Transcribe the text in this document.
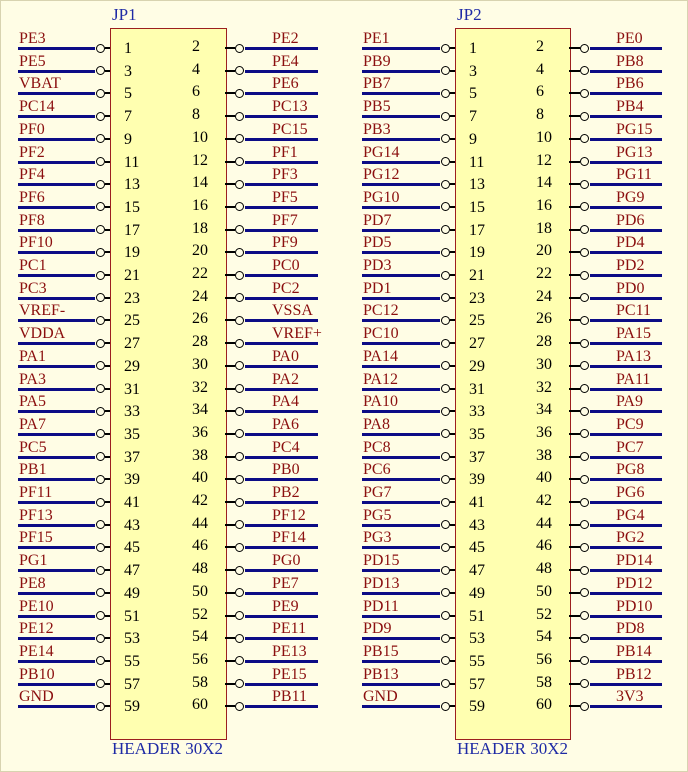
JP1
HEADER 30X2
PE3
1	2	PE2
PE5
3	4	PE4
VBAT
5	6	PE6
PC14
7	8	PC13
PF0
9	10	PC15
PF2
11	12	PF1
PF4
13	14	PF3
PF6
15	16	PF5
PF8
17	18	PF7
PF10
19	20	PF9
PC1
21	22	PC0
PC3
23	24	PC2
VREF-
25	26	VSSA
VDDA
27	28	VREF+
PA1
29	30	PA0
PA3
31	32	PA2
PA5
33	34	PA4
PA7
35	36	PA6
PC5
37	38	PC4
PB1
39	40	PB0
PF11
41	42	PB2
PF13
43	44	PF12
PF15
45	46	PF14
PG1
47	48	PG0
PE8
49	50	PE7
PE10
51	52	PE9
PE12
53	54	PE11
PE14
55	56	PE13
PB10
57	58	PE15
GND
59	60	PB11
JP2
HEADER 30X2
PE1
1	2	PE0
PB9
3	4	PB8
PB7
5	6	PB6
PB5
7	8	PB4
PB3
9	10	PG15
PG14
11	12	PG13
PG12
13	14	PG11
PG10
15	16	PG9
PD7
17	18	PD6
PD5
19	20	PD4
PD3
21	22	PD2
PD1
23	24	PD0
PC12
25	26	PC11
PC10
27	28	PA15
PA14
29	30	PA13
PA12
31	32	PA11
PA10
33	34	PA9
PA8
35	36	PC9
PC8
37	38	PC7
PC6
39	40	PG8
PG7
41	42	PG6
PG5
43	44	PG4
PG3
45	46	PG2
PD15
47	48	PD14
PD13
49	50	PD12
PD11
51	52	PD10
PD9
53	54	PD8
PB15
55	56	PB14
PB13
57	58	PB12
GND
59	60	3V3
